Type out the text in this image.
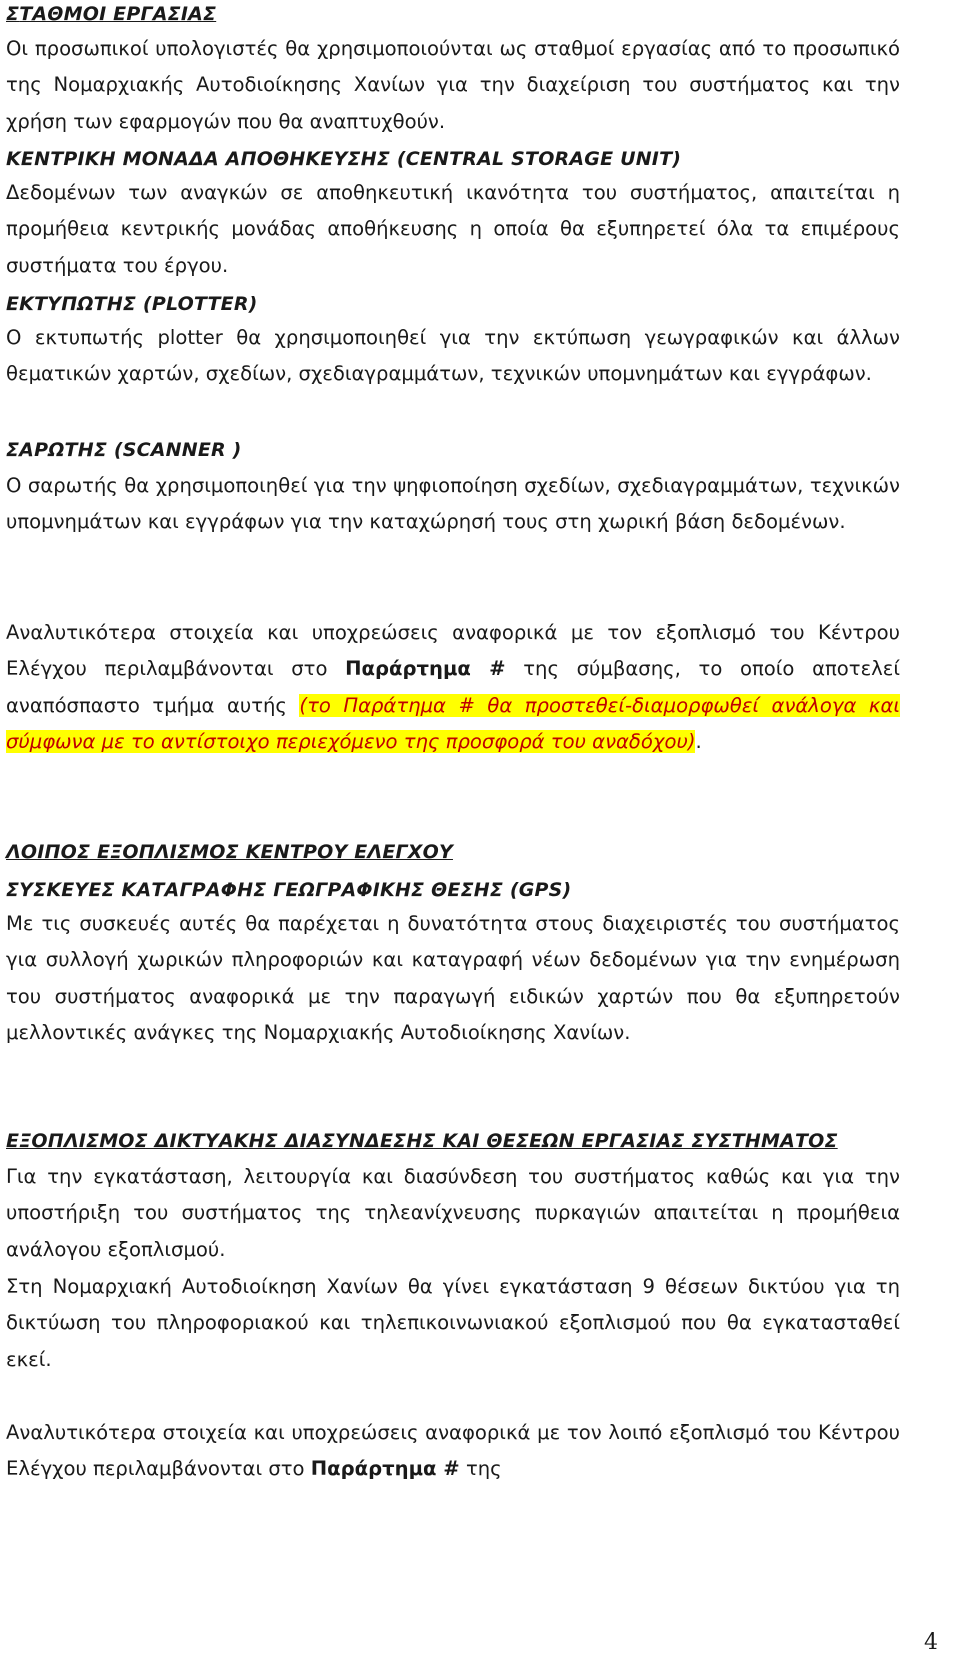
ΣΤΑΘΜΟΙ ΕΡΓΑΣΙΑΣ

Οι προσωπικοί υπολογιστές θα χρησιμοποιούνται ως σταθμοί εργασίας από το προσωπικό της Νομαρχιακής Αυτοδιοίκησης Χανίων για την διαχείριση του συστήματος και την χρήση των εφαρμογών που θα αναπτυχθούν.

ΚΕΝΤΡΙΚΗ ΜΟΝΑΔΑ ΑΠΟΘΗΚΕΥΣΗΣ (CENTRAL STORAGE UNIT)

Δεδομένων των αναγκών σε αποθηκευτική ικανότητα του συστήματος, απαιτείται η προμήθεια κεντρικής μονάδας αποθήκευσης η οποία θα εξυπηρετεί όλα τα επιμέρους συστήματα του έργου.

ΕΚΤΥΠΩΤΗΣ (PLOTTER)

Ο εκτυπωτής plotter θα χρησιμοποιηθεί για την εκτύπωση γεωγραφικών και άλλων θεματικών χαρτών, σχεδίων, σχεδιαγραμμάτων, τεχνικών υπομνημάτων και εγγράφων.

ΣΑΡΩΤΗΣ (SCANNER )

Ο σαρωτής θα χρησιμοποιηθεί για την ψηφιοποίηση σχεδίων, σχεδιαγραμμάτων, τεχνικών υπομνημάτων και εγγράφων για την καταχώρησή τους στη χωρική βάση δεδομένων.

Αναλυτικότερα στοιχεία και υποχρεώσεις αναφορικά με τον εξοπλισμό του Κέντρου Ελέγχου περιλαμβάνονται στο Παράρτημα # της σύμβασης, το οποίο αποτελεί αναπόσπαστο τμήμα αυτής (το Παράτημα # θα προστεθεί-διαμορφωθεί ανάλογα και σύμφωνα με το αντίστοιχο περιεχόμενο της προσφορά του αναδόχου).

ΛΟΙΠΟΣ ΕΞΟΠΛΙΣΜΟΣ ΚΕΝΤΡΟΥ ΕΛΕΓΧΟΥ
ΣΥΣΚΕΥΕΣ ΚΑΤΑΓΡΑΦΗΣ ΓΕΩΓΡΑΦΙΚΗΣ ΘΕΣΗΣ (GPS)

Με τις συσκευές αυτές θα παρέχεται η δυνατότητα στους διαχειριστές του συστήματος για συλλογή χωρικών πληροφοριών και καταγραφή νέων δεδομένων για την ενημέρωση του συστήματος αναφορικά με την παραγωγή ειδικών χαρτών που θα εξυπηρετούν μελλοντικές ανάγκες της Νομαρχιακής Αυτοδιοίκησης Χανίων.

ΕΞΟΠΛΙΣΜΟΣ ΔΙΚΤΥΑΚΗΣ ΔΙΑΣΥΝΔΕΣΗΣ ΚΑΙ ΘΕΣΕΩΝ ΕΡΓΑΣΙΑΣ ΣΥΣΤΗΜΑΤΟΣ

Για την εγκατάσταση, λειτουργία και διασύνδεση του συστήματος καθώς και για την υποστήριξη του συστήματος της τηλεανίχνευσης πυρκαγιών απαιτείται η προμήθεια ανάλογου εξοπλισμού.

Στη Νομαρχιακή Αυτοδιοίκηση Χανίων θα γίνει εγκατάσταση 9 θέσεων δικτύου για τη δικτύωση του πληροφοριακού και τηλεπικοινωνιακού εξοπλισμού που θα εγκατασταθεί εκεί.

Αναλυτικότερα στοιχεία και υποχρεώσεις αναφορικά με τον λοιπό εξοπλισμό του Κέντρου Ελέγχου περιλαμβάνονται στο Παράρτημα # της

4
